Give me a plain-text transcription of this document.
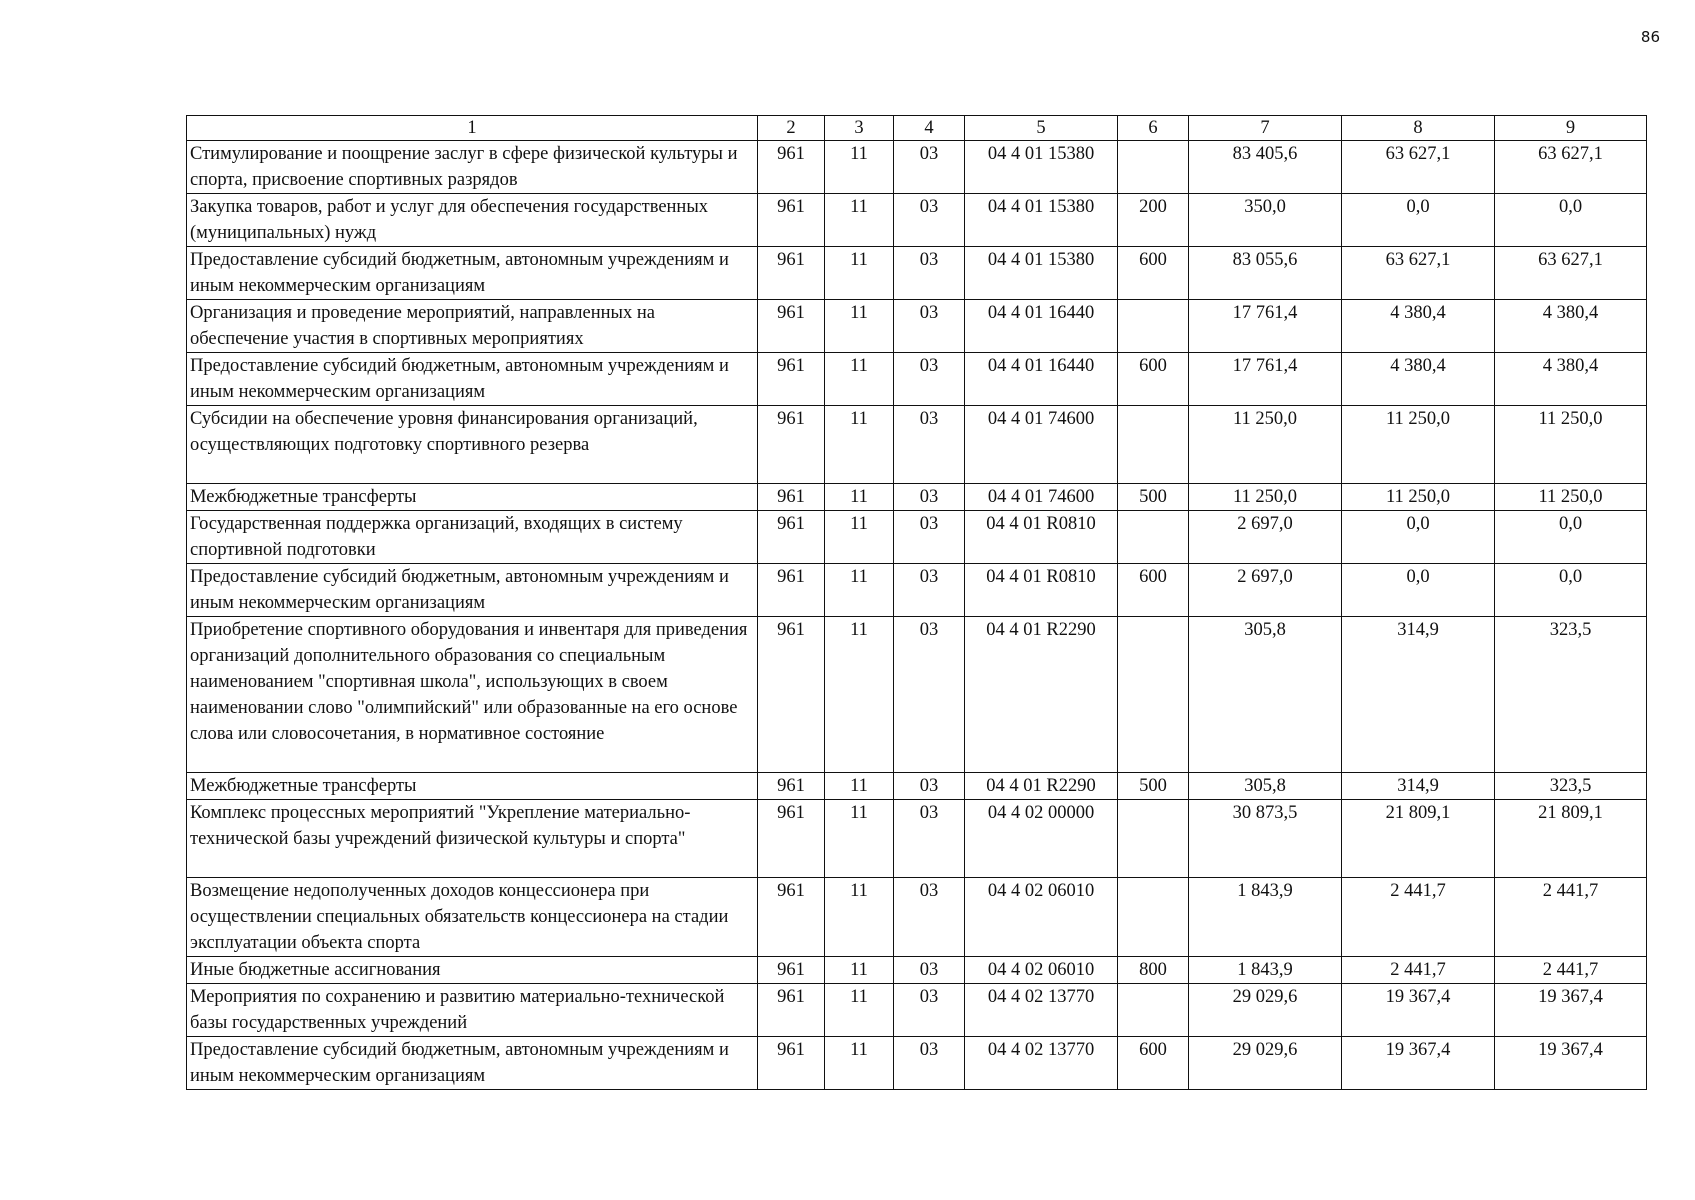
86
1	2	3	4	5	6	7	8	9
Стимулирование и поощрение заслуг в сфере физической культуры и спорта, присвоение спортивных разрядов	961	11	03	04 4 01 15380		83 405,6	63 627,1	63 627,1
Закупка товаров, работ и услуг для обеспечения государственных (муниципальных) нужд	961	11	03	04 4 01 15380	200	350,0	0,0	0,0
Предоставление субсидий бюджетным, автономным учреждениям и иным некоммерческим организациям	961	11	03	04 4 01 15380	600	83 055,6	63 627,1	63 627,1
Организация и проведение мероприятий, направленных на обеспечение участия в спортивных мероприятиях	961	11	03	04 4 01 16440		17 761,4	4 380,4	4 380,4
Предоставление субсидий бюджетным, автономным учреждениям и иным некоммерческим организациям	961	11	03	04 4 01 16440	600	17 761,4	4 380,4	4 380,4
Субсидии на обеспечение уровня финансирования организаций, осуществляющих подготовку спортивного резерва	961	11	03	04 4 01 74600		11 250,0	11 250,0	11 250,0
Межбюджетные трансферты	961	11	03	04 4 01 74600	500	11 250,0	11 250,0	11 250,0
Государственная поддержка организаций, входящих в систему спортивной подготовки	961	11	03	04 4 01 R0810		2 697,0	0,0	0,0
Предоставление субсидий бюджетным, автономным учреждениям и иным некоммерческим организациям	961	11	03	04 4 01 R0810	600	2 697,0	0,0	0,0
Приобретение спортивного оборудования и инвентаря для приведения организаций дополнительного образования со специальным наименованием "спортивная школа", использующих в своем наименовании слово "олимпийский" или образованные на его основе слова или словосочетания, в нормативное состояние	961	11	03	04 4 01 R2290		305,8	314,9	323,5
Межбюджетные трансферты	961	11	03	04 4 01 R2290	500	305,8	314,9	323,5
Комплекс процессных мероприятий "Укрепление материально-технической базы учреждений физической культуры и спорта"	961	11	03	04 4 02 00000		30 873,5	21 809,1	21 809,1
Возмещение недополученных доходов концессионера при осуществлении специальных обязательств концессионера на стадии эксплуатации объекта спорта	961	11	03	04 4 02 06010		1 843,9	2 441,7	2 441,7
Иные бюджетные ассигнования	961	11	03	04 4 02 06010	800	1 843,9	2 441,7	2 441,7
Мероприятия по сохранению и развитию материально-технической базы государственных учреждений	961	11	03	04 4 02 13770		29 029,6	19 367,4	19 367,4
Предоставление субсидий бюджетным, автономным учреждениям и иным некоммерческим организациям	961	11	03	04 4 02 13770	600	29 029,6	19 367,4	19 367,4
